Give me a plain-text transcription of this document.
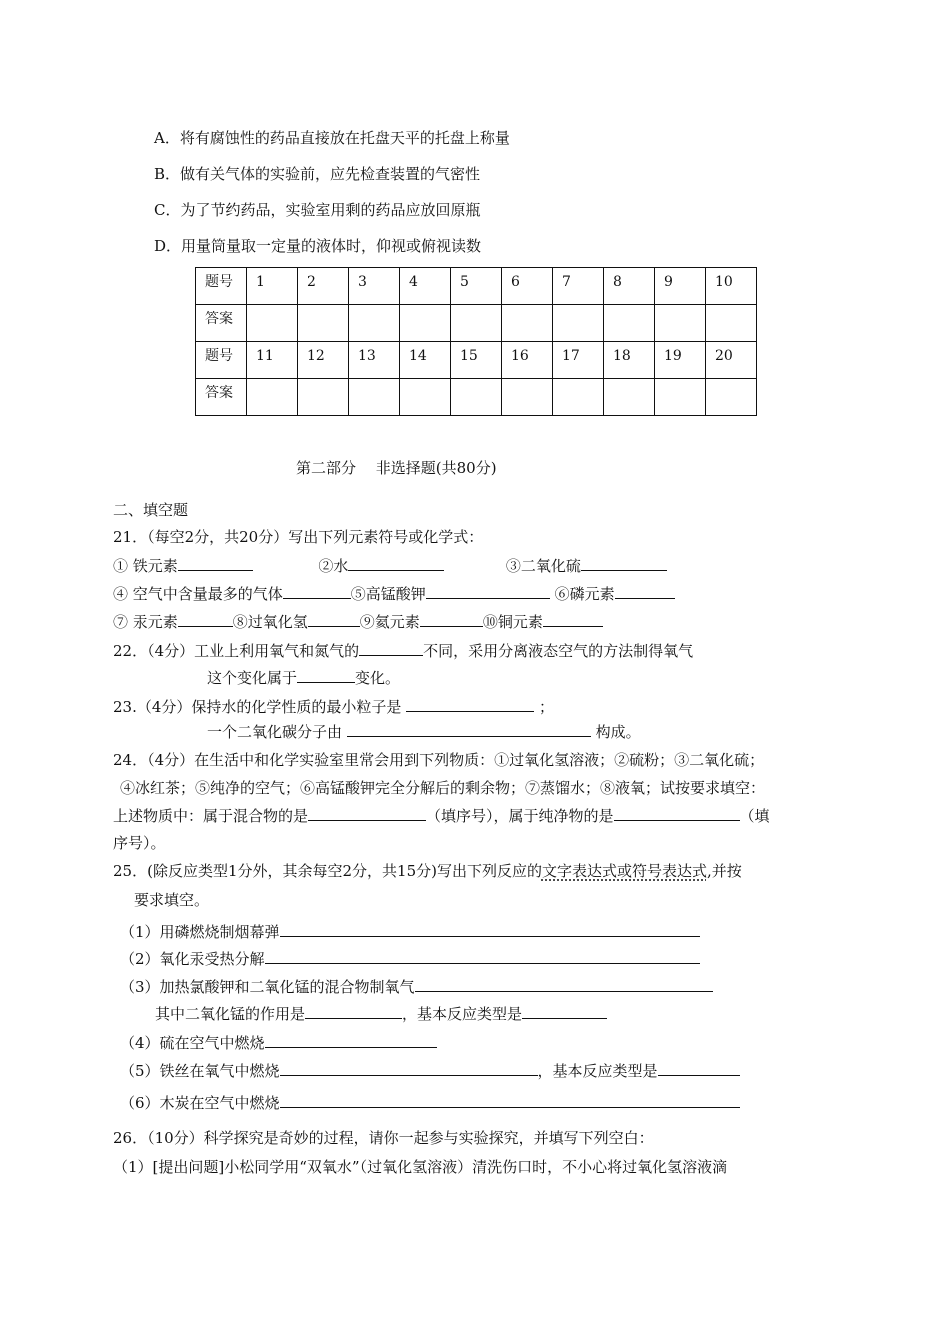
A．将有腐蚀性的药品直接放在托盘天平的托盘上称量
B．做有关气体的实验前，应先检查装置的气密性
C．为了节约药品，实验室用剩的药品应放回原瓶
D．用量筒量取一定量的液体时，仰视或俯视读数
题号	1	2	3	4	5	6	7	8	9	10
答案										
题号	11	12	13	14	15	16	17	18	19	20
答案										
第二部分　 非选择题(共80分)
二、填空题
21．（每空2分，共20分）写出下列元素符号或化学式：
① 铁元素	②水	③二氧化硫
④ 空气中含量最多的气体	⑤高锰酸钾	⑥磷元素
⑦ 汞元素	⑧过氧化氢	⑨氦元素	⑩铜元素
22．（4分）工业上利用氧气和氮气的	不同，采用分离液态空气的方法制得氧气
这个变化属于	变化。
23.（4分）保持水的化学性质的最小粒子是	；
一个二氧化碳分子由	构成。
24．（4分）在生活中和化学实验室里常会用到下列物质：①过氧化氢溶液；②硫粉；③二氧化硫；
④冰红茶；⑤纯净的空气；⑥高锰酸钾完全分解后的剩余物；⑦蒸馏水；⑧液氧；试按要求填空：
上述物质中：属于混合物的是	（填序号），属于纯净物的是	（填
序号）。
25．(除反应类型1分外，其余每空2分，共15分)写出下列反应的文字表达式或符号表达式,并按
要求填空。
（1）用磷燃烧制烟幕弹
（2）氧化汞受热分解
（3）加热氯酸钾和二氧化锰的混合物制氧气
其中二氧化锰的作用是	，基本反应类型是
（4）硫在空气中燃烧
（5）铁丝在氧气中燃烧	，基本反应类型是
（6）木炭在空气中燃烧
26．（10分）科学探究是奇妙的过程，请你一起参与实验探究，并填写下列空白：
（1）[提出问题]小松同学用“双氧水”（过氧化氢溶液）清洗伤口时，不小心将过氧化氢溶液滴
